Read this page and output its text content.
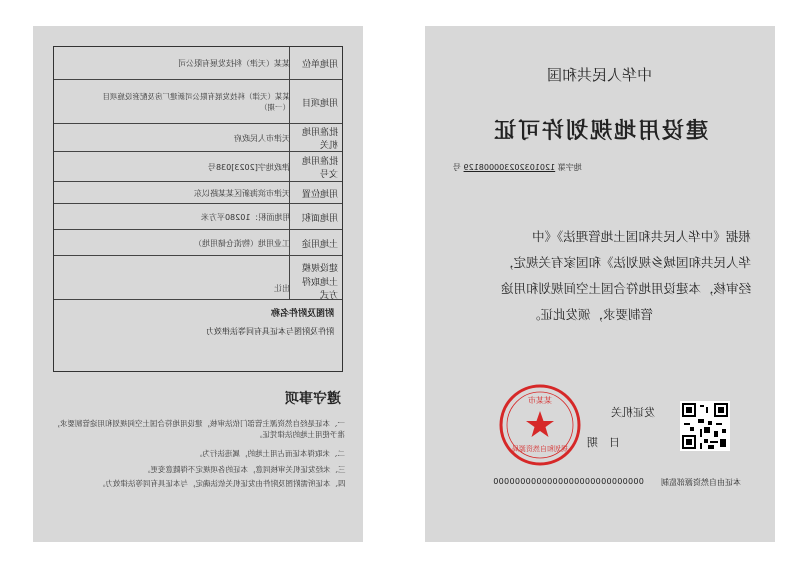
用地单位
某某（天津）科技发展有限公司
用地项目
某某（天津）科技发展有限公司新建厂房及配套设施项目（一期）
批准用地机关
天津市人民政府
批准用地文号
津政地字[2023]038号
用地位置
天津市滨海新区某某路以东
用地面积
用地面积：10280平方米
土地用途
工业用地（物流仓储用地）
建设规模
土地取得方式
出让
附图及附件名称
附件及附图与本证具有同等法律效力
遵守事项
一、本证是经自然资源主管部门依法审核，建设用地符合国土空间规划和用途管制要求，准予使用土地的法律凭证。
二、未取得本证而占用土地的，属违法行为。
三、未经发证机关审核同意，本证的各项规定不得随意变更。
四、本证所需附图及附件由发证机关依法确定，与本证具有同等法律效力。
中华人民共和国
建设用地规划许可证
地字第 120103202300008129 号
根据《中华人民共和国土地管理法》《中
华人民共和国城乡规划法》和国家有关规定，
经审核，本建设用地符合国土空间规划和用途
管制要求，颁发此证。
发证机关
日　期
规划和自然资源局
某某市
0000000000000000000000000000 本证由自然资源部监制
